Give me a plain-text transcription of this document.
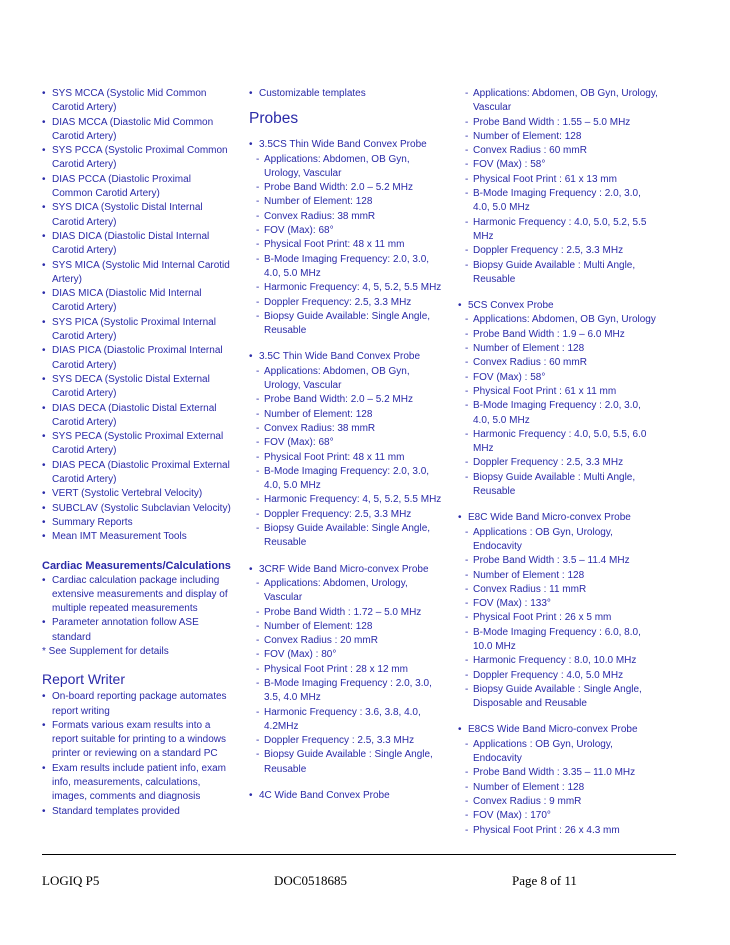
• SYS MCCA (Systolic Mid Common Carotid Artery)
• DIAS MCCA (Diastolic Mid Common Carotid Artery)
• SYS PCCA (Systolic Proximal Common Carotid Artery)
• DIAS PCCA (Diastolic Proximal Common Carotid Artery)
• SYS DICA (Systolic Distal Internal Carotid Artery)
• DIAS DICA (Diastolic Distal Internal Carotid Artery)
• SYS MICA (Systolic Mid Internal Carotid Artery)
• DIAS MICA (Diastolic Mid Internal Carotid Artery)
• SYS PICA (Systolic Proximal Internal Carotid Artery)
• DIAS PICA (Diastolic Proximal Internal Carotid Artery)
• SYS DECA (Systolic Distal External Carotid Artery)
• DIAS DECA (Diastolic Distal External Carotid Artery)
• SYS PECA (Systolic Proximal External Carotid Artery)
• DIAS PECA (Diastolic Proximal External Carotid Artery)
• VERT (Systolic Vertebral Velocity)
• SUBCLAV (Systolic Subclavian Velocity)
• Summary Reports
• Mean IMT Measurement Tools
Cardiac Measurements/Calculations
• Cardiac calculation package including extensive measurements and display of multiple repeated measurements
• Parameter annotation follow ASE standard
* See Supplement for details
Report Writer
• On-board reporting package automates report writing
• Formats various exam results into a report suitable for printing to a windows printer or reviewing on a standard PC
• Exam results include patient info, exam info, measurements, calculations, images, comments and diagnosis
• Standard templates provided
• Customizable templates
Probes
• 3.5CS Thin Wide Band Convex Probe
- Applications: Abdomen, OB Gyn, Urology, Vascular
- Probe Band Width: 2.0 – 5.2 MHz
- Number of Element: 128
- Convex Radius: 38 mmR
- FOV (Max): 68°
- Physical Foot Print: 48 x 11 mm
- B-Mode Imaging Frequency: 2.0, 3.0, 4.0, 5.0 MHz
- Harmonic Frequency: 4, 5, 5.2, 5.5 MHz
- Doppler Frequency: 2.5, 3.3 MHz
- Biopsy Guide Available: Single Angle, Reusable
• 3.5C Thin Wide Band Convex Probe
- Applications: Abdomen, OB Gyn, Urology, Vascular
- Probe Band Width: 2.0 – 5.2 MHz
- Number of Element: 128
- Convex Radius: 38 mmR
- FOV (Max): 68°
- Physical Foot Print: 48 x 11 mm
- B-Mode Imaging Frequency: 2.0, 3.0, 4.0, 5.0 MHz
- Harmonic Frequency: 4, 5, 5.2, 5.5 MHz
- Doppler Frequency: 2.5, 3.3 MHz
- Biopsy Guide Available: Single Angle, Reusable
• 3CRF Wide Band Micro-convex Probe
- Applications: Abdomen, Urology, Vascular
- Probe Band Width : 1.72 – 5.0 MHz
- Number of Element: 128
- Convex Radius : 20 mmR
- FOV (Max) : 80°
- Physical Foot Print : 28 x 12 mm
- B-Mode Imaging Frequency : 2.0, 3.0, 3.5, 4.0 MHz
- Harmonic Frequency : 3.6, 3.8, 4.0, 4.2MHz
- Doppler Frequency : 2.5, 3.3 MHz
- Biopsy Guide Available : Single Angle, Reusable
• 4C Wide Band Convex Probe
- Applications: Abdomen, OB Gyn, Urology, Vascular
- Probe Band Width : 1.55 – 5.0 MHz
- Number of Element: 128
- Convex Radius : 60 mmR
- FOV (Max) : 58°
- Physical Foot Print : 61 x 13 mm
- B-Mode Imaging Frequency : 2.0, 3.0, 4.0, 5.0 MHz
- Harmonic Frequency : 4.0, 5.0, 5.2, 5.5 MHz
- Doppler Frequency : 2.5, 3.3 MHz
- Biopsy Guide Available : Multi Angle, Reusable
• 5CS Convex Probe
- Applications: Abdomen, OB Gyn, Urology
- Probe Band Width : 1.9 – 6.0 MHz
- Number of Element : 128
- Convex Radius : 60 mmR
- FOV (Max) : 58°
- Physical Foot Print : 61 x 11 mm
- B-Mode Imaging Frequency : 2.0, 3.0, 4.0, 5.0 MHz
- Harmonic Frequency : 4.0, 5.0, 5.5, 6.0 MHz
- Doppler Frequency : 2.5, 3.3 MHz
- Biopsy Guide Available : Multi Angle, Reusable
• E8C Wide Band Micro-convex Probe
- Applications : OB Gyn, Urology, Endocavity
- Probe Band Width : 3.5 – 11.4 MHz
- Number of Element : 128
- Convex Radius : 11 mmR
- FOV (Max) : 133°
- Physical Foot Print : 26 x 5 mm
- B-Mode Imaging Frequency : 6.0, 8.0, 10.0 MHz
- Harmonic Frequency : 8.0, 10.0 MHz
- Doppler Frequency : 4.0, 5.0 MHz
- Biopsy Guide Available : Single Angle, Disposable and Reusable
• E8CS Wide Band Micro-convex Probe
- Applications : OB Gyn, Urology, Endocavity
- Probe Band Width : 3.35 – 11.0 MHz
- Number of Element : 128
- Convex Radius : 9 mmR
- FOV (Max) : 170°
- Physical Foot Print : 26 x 4.3 mm
LOGIQ P5	DOC0518685	Page 8 of 11
